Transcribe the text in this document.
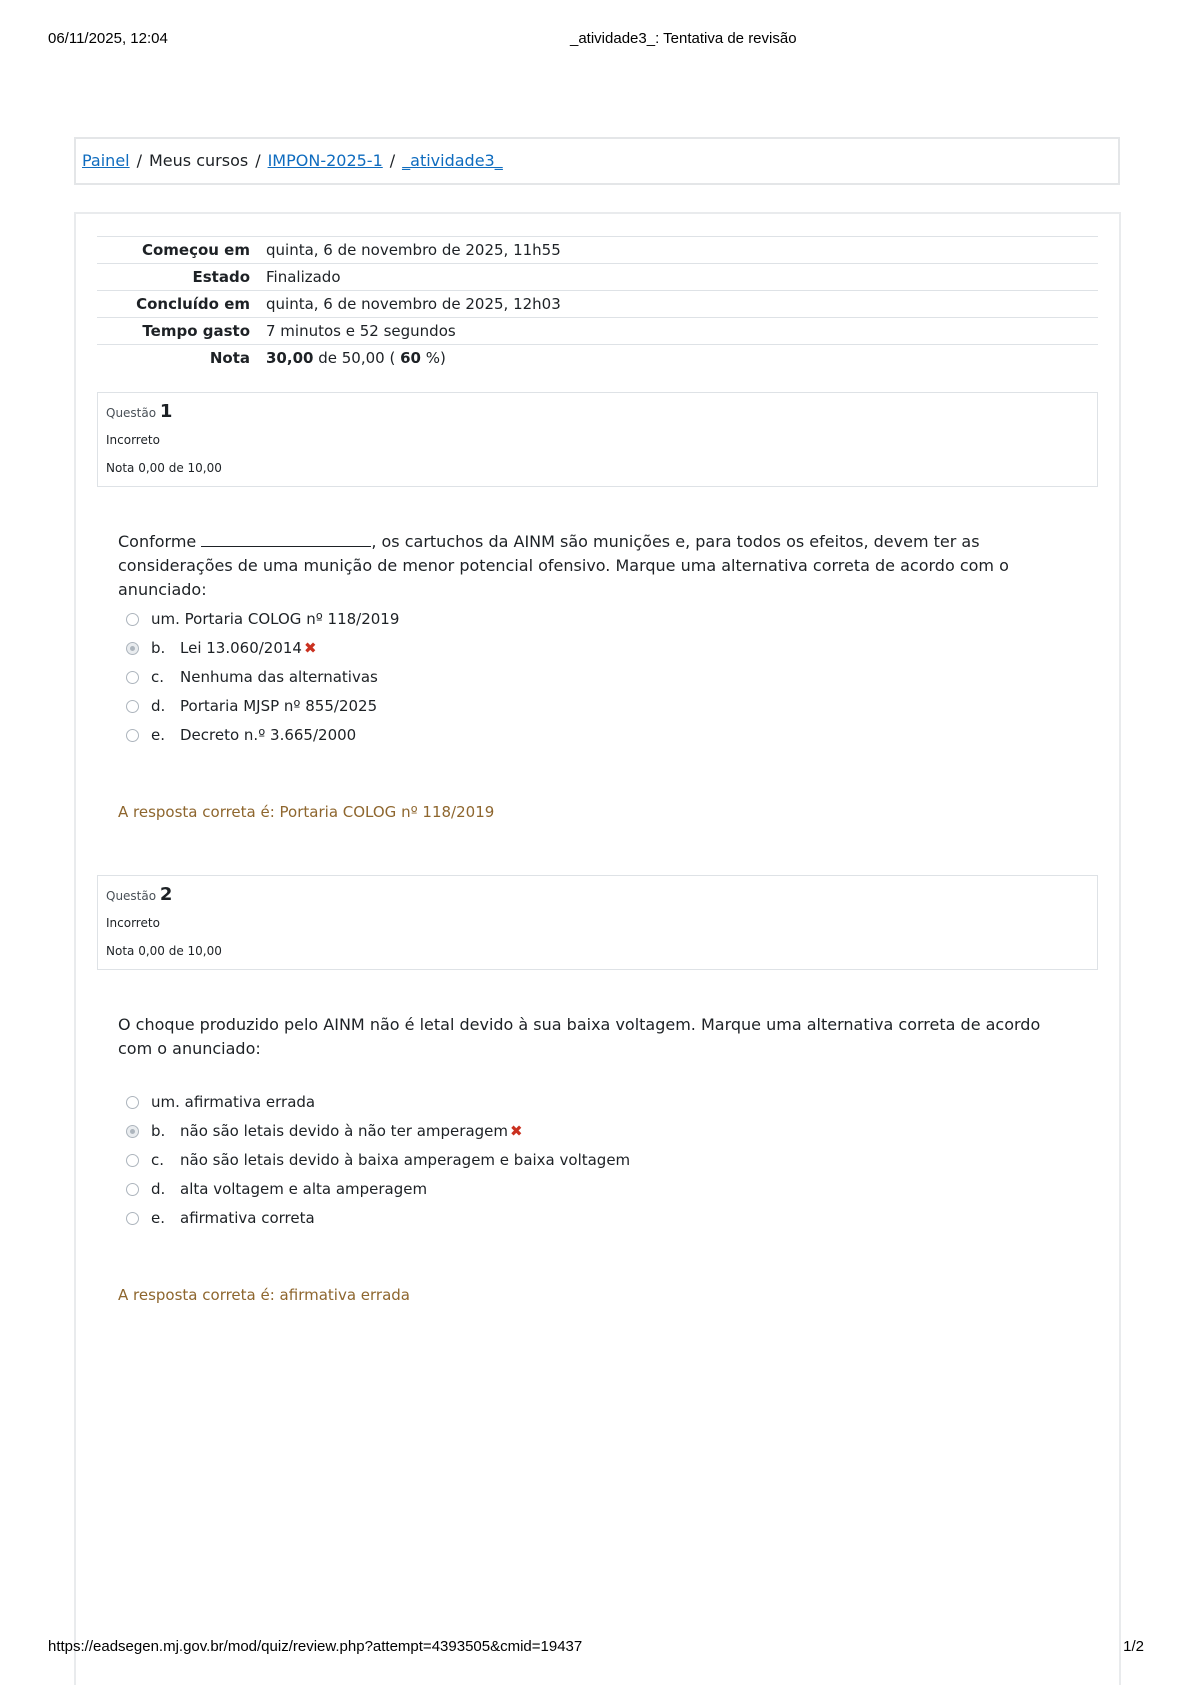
06/11/2025, 12:04	_atividade3_: Tentativa de revisão
Painel / Meus cursos / IMPON-2025-1 / _atividade3_
Começou em	quinta, 6 de novembro de 2025, 11h55
Estado	Finalizado
Concluído em	quinta, 6 de novembro de 2025, 12h03
Tempo gasto	7 minutos e 52 segundos
Nota	30,00 de 50,00 ( 60 %)
Questão 1
Incorreto
Nota 0,00 de 10,00
Conforme	, os cartuchos da AINM são munições e, para todos os efeitos, devem ter as considerações de uma munição de menor potencial ofensivo. Marque uma alternativa correta de acordo com o anunciado:
um. Portaria COLOG nº 118/2019
b. Lei 13.060/2014 ✖
c. Nenhuma das alternativas
d. Portaria MJSP nº 855/2025
e. Decreto n.º 3.665/2000
A resposta correta é: Portaria COLOG nº 118/2019
Questão 2
Incorreto
Nota 0,00 de 10,00
O choque produzido pelo AINM não é letal devido à sua baixa voltagem. Marque uma alternativa correta de acordo com o anunciado:
um. afirmativa errada
b. não são letais devido à não ter amperagem ✖
c. não são letais devido à baixa amperagem e baixa voltagem
d. alta voltagem e alta amperagem
e. afirmativa correta
A resposta correta é: afirmativa errada
https://eadsegen.mj.gov.br/mod/quiz/review.php?attempt=4393505&cmid=19437	1/2
